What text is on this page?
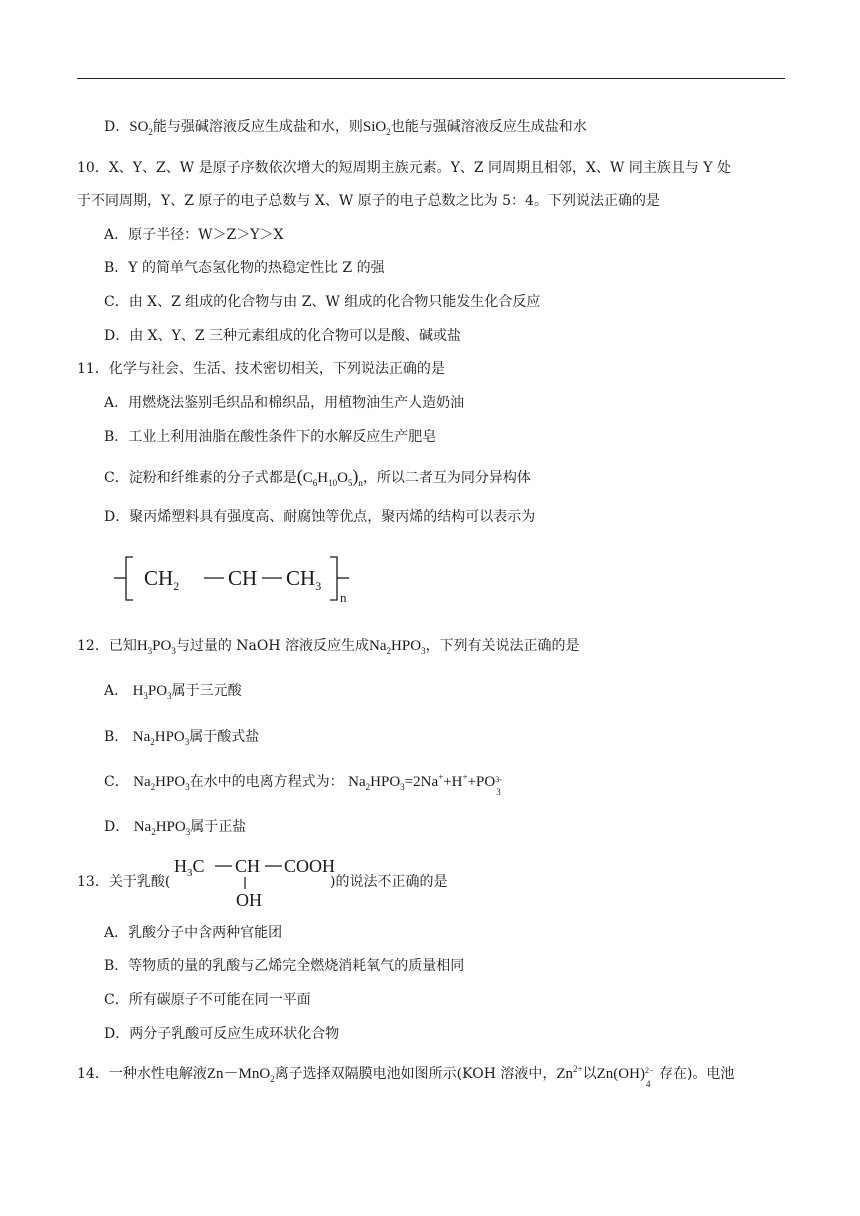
D．$SO_2$能与强碱溶液反应生成盐和水，则SiO$_2$也能与强碱溶液反应生成盐和水
10．X、Y、Z、W 是原子序数依次增大的短周期主族元素。Y、Z 同周期且相邻，X、W 同主族且与 Y 处
于不同周期，Y、Z 原子的电子总数与 X、W 原子的电子总数之比为 5：4。下列说法正确的是
A．原子半径：W＞Z＞Y＞X
B．Y 的简单气态氢化物的热稳定性比 Z 的强
C．由 X、Z 组成的化合物与由 Z、W 组成的化合物只能发生化合反应
D．由 X、Y、Z 三种元素组成的化合物可以是酸、碱或盐
11．化学与社会、生活、技术密切相关，下列说法正确的是
A．用燃烧法鉴别毛织品和棉织品，用植物油生产人造奶油
B．工业上利用油脂在酸性条件下的水解反应生产肥皂
C．淀粉和纤维素的分子式都是$(C_6H_{10}O_5)_n$，所以二者互为同分异构体
D．聚丙烯塑料具有强度高、耐腐蚀等优点，聚丙烯的结构可以表示为
$CH_2$ CH $CH_3$
n
12．已知$H_3PO_3$与过量的 NaOH 溶液反应生成$Na_2HPO_3$，下列有关说法正确的是
A． $H_3PO_3$属于三元酸
B． $Na_2HPO_3$属于酸式盐
C． $Na_2HPO_3$在水中的电离方程式为： $Na_2HPO_3=2Na^++H^++PO$ 3-
3
D． $Na_2HPO_3$属于正盐
13．关于乳酸(
$H_3C$ CH COOH
OH
)的说法不正确的是
A．乳酸分子中含两种官能团
B．等物质的量的乳酸与乙烯完全燃烧消耗氧气的质量相同
C．所有碳原子不可能在同一平面
D．两分子乳酸可反应生成环状化合物
14．一种水性电解液Zn－MnO$_2$离子选择双隔膜电池如图所示(KOH 溶液中，$Zn^{2+}$以Zn(OH) 2−
4
存在)。电池
